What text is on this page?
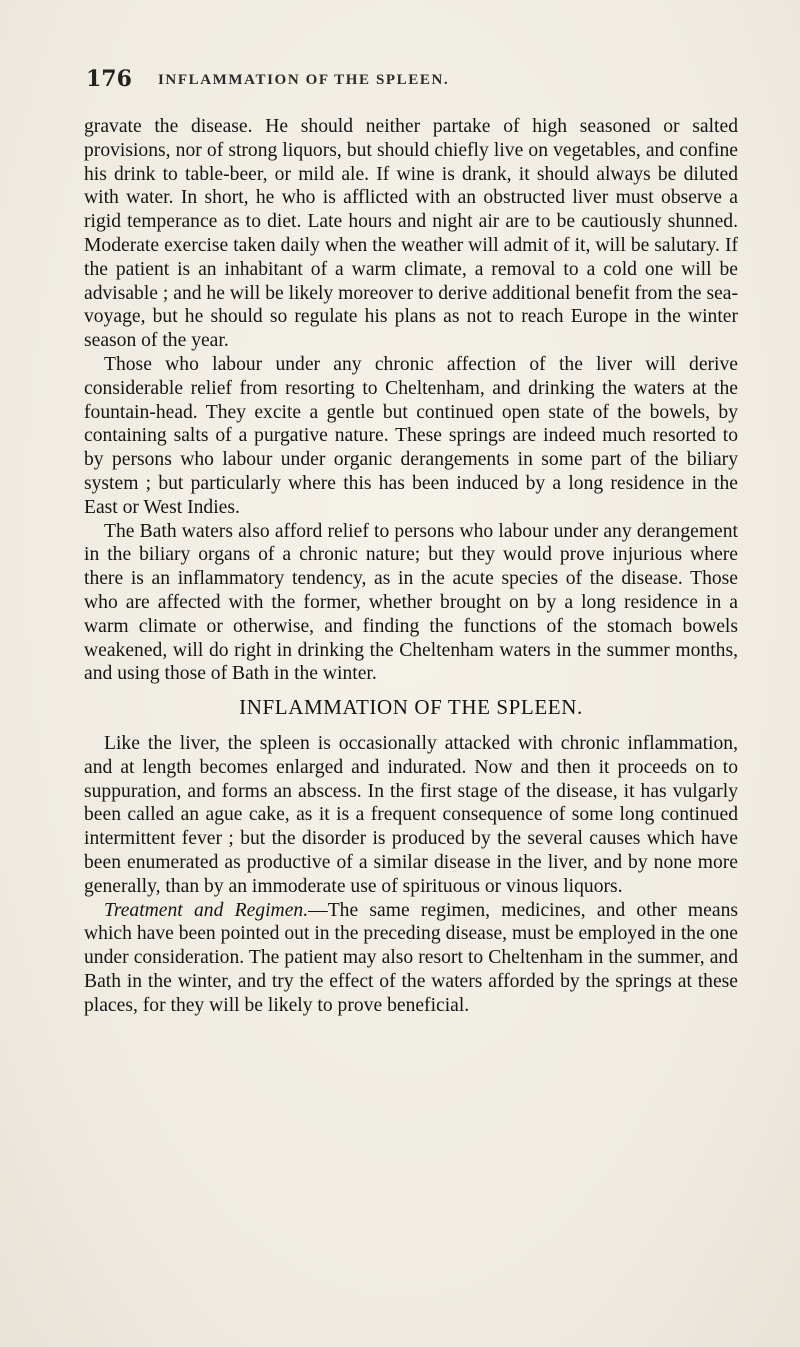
176 INFLAMMATION OF THE SPLEEN.

gravate the disease. He should neither partake of high seasoned or salted provisions, nor of strong liquors, but should chiefly live on vegetables, and confine his drink to table-beer, or mild ale. If wine is drank, it should always be diluted with water. In short, he who is afflicted with an obstructed liver must observe a rigid temperance as to diet. Late hours and night air are to be cautiously shunned. Moderate exercise taken daily when the weather will admit of it, will be salutary. If the patient is an inhabitant of a warm climate, a removal to a cold one will be advisable ; and he will be likely moreover to derive additional benefit from the sea-voyage, but he should so regulate his plans as not to reach Europe in the winter season of the year.

Those who labour under any chronic affection of the liver will derive considerable relief from resorting to Cheltenham, and drinking the waters at the fountain-head. They excite a gentle but continued open state of the bowels, by containing salts of a purgative nature. These springs are indeed much resorted to by persons who labour under organic derangements in some part of the biliary system ; but particularly where this has been induced by a long residence in the East or West Indies.

The Bath waters also afford relief to persons who labour under any derangement in the biliary organs of a chronic nature; but they would prove injurious where there is an inflammatory tendency, as in the acute species of the disease. Those who are affected with the former, whether brought on by a long residence in a warm climate or otherwise, and finding the functions of the stomach bowels weakened, will do right in drinking the Cheltenham waters in the summer months, and using those of Bath in the winter.

INFLAMMATION OF THE SPLEEN.

Like the liver, the spleen is occasionally attacked with chronic inflammation, and at length becomes enlarged and indurated. Now and then it proceeds on to suppuration, and forms an abscess. In the first stage of the disease, it has vulgarly been called an ague cake, as it is a frequent consequence of some long continued intermittent fever ; but the disorder is produced by the several causes which have been enumerated as productive of a similar disease in the liver, and by none more generally, than by an immoderate use of spirituous or vinous liquors.

Treatment and Regimen.—The same regimen, medicines, and other means which have been pointed out in the preceding disease, must be employed in the one under consideration. The patient may also resort to Cheltenham in the summer, and Bath in the winter, and try the effect of the waters afforded by the springs at these places, for they will be likely to prove beneficial.
